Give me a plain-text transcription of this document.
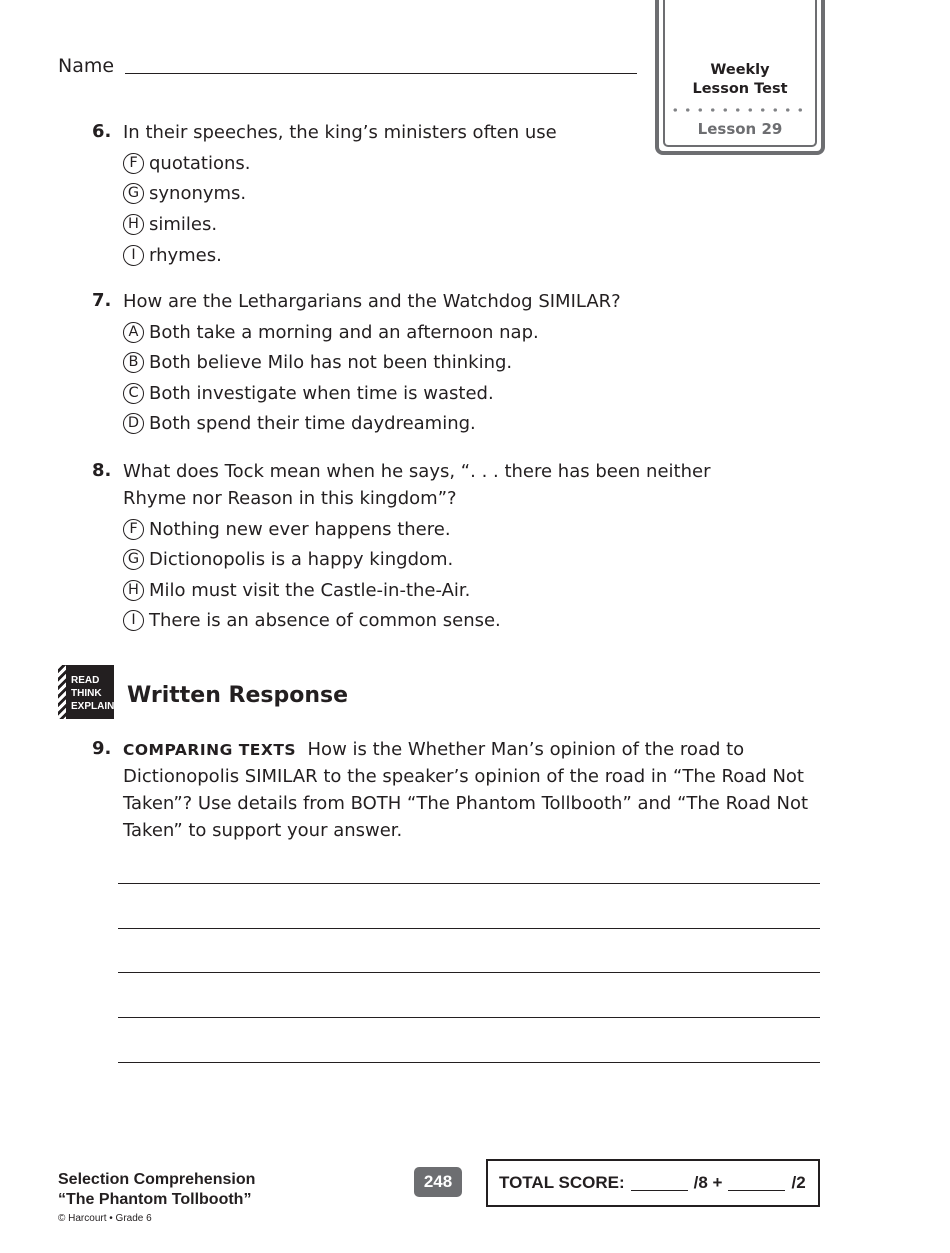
Name	Weekly
Lesson Test
Lesson 29
6. In their speeches, the king’s ministers often use
F quotations.
G synonyms.
H similes.
I rhymes.
7. How are the Lethargarians and the Watchdog SIMILAR?
A Both take a morning and an afternoon nap.
B Both believe Milo has not been thinking.
C Both investigate when time is wasted.
D Both spend their time daydreaming.
8. What does Tock mean when he says, “. . . there has been neither
Rhyme nor Reason in this kingdom”?
F Nothing new ever happens there.
G Dictionopolis is a happy kingdom.
H Milo must visit the Castle-in-the-Air.
I There is an absence of common sense.
READ
THINK
EXPLAIN Written Response
9. COMPARING TEXTS How is the Whether Man’s opinion of the road to
Dictionopolis SIMILAR to the speaker’s opinion of the road in “The Road Not
Taken”? Use details from BOTH “The Phantom Tollbooth” and “The Road Not
Taken” to support your answer.
Selection Comprehension
“The Phantom Tollbooth”
© Harcourt • Grade 6
248	TOTAL SCORE:	/8 +	/2
